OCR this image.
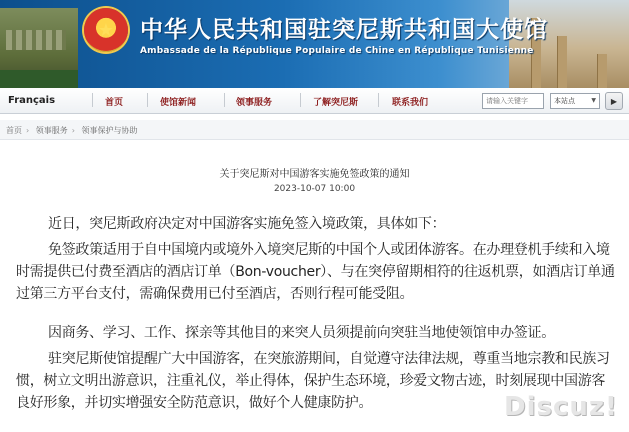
★	中华人民共和国驻突尼斯共和国大使馆
Ambassade de la République Populaire de Chine en République Tunisienne
Français	首页	使馆新闻	领事服务	了解突尼斯	联系我们
请输入关键字	本站点	▼	▶
首页 › 领事服务 › 领事保护与协助
关于突尼斯对中国游客实施免签政策的通知
2023-10-07 10:00

近日，突尼斯政府决定对中国游客实施免签入境政策，具体如下：

免签政策适用于自中国境内或境外入境突尼斯的中国个人或团体游客。在办理登机手续和入境时需提供已付费至酒店的酒店订单（Bon-voucher）、与在突停留期相符的往返机票，如酒店订单通过第三方平台支付，需确保费用已付至酒店，否则行程可能受阻。

因商务、学习、工作、探亲等其他目的来突人员须提前向突驻当地使领馆申办签证。

驻突尼斯使馆提醒广大中国游客，在突旅游期间，自觉遵守法律法规，尊重当地宗教和民族习惯，树立文明出游意识，注重礼仪，举止得体，保护生态环境，珍爱文物古迹，时刻展现中国游客良好形象，并切实增强安全防范意识，做好个人健康防护。	Discuz!
